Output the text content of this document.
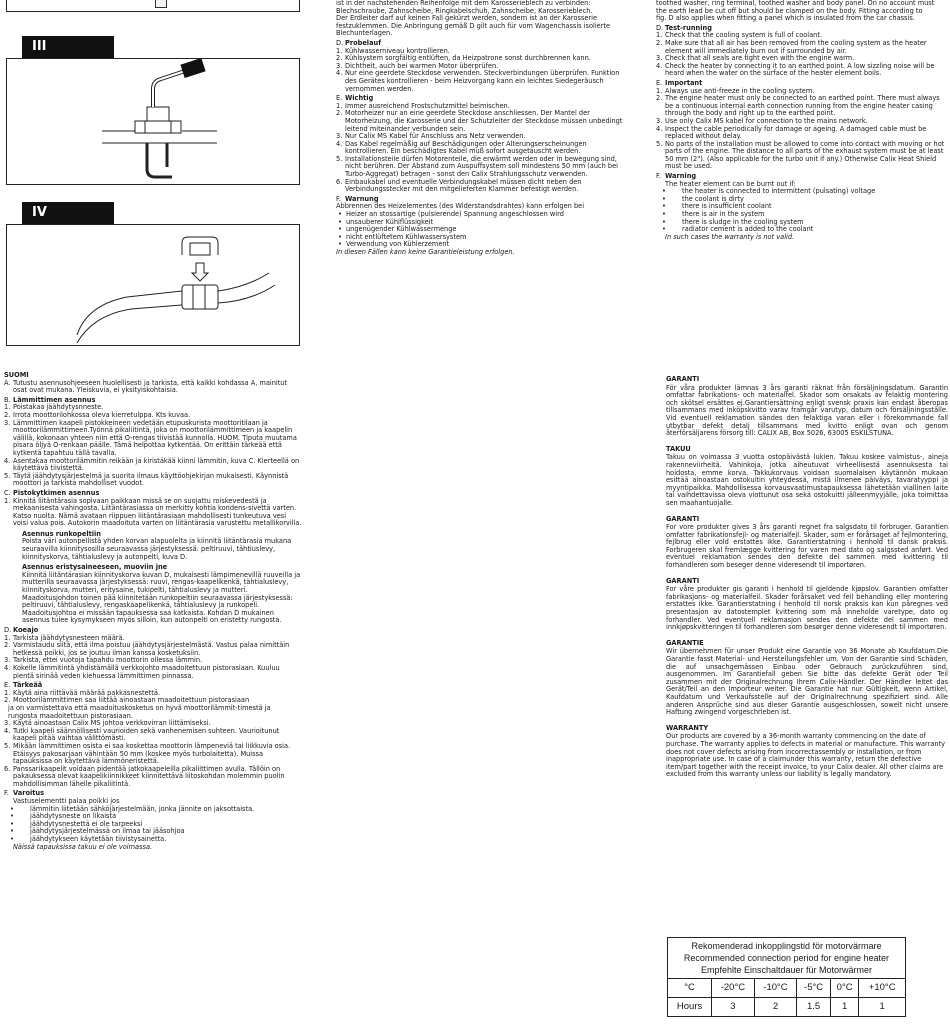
III
IV

ist in der nachstehenden Reihenfolge mit dem Karosserieblech zu verbinden:

Blechschraube, Zahnscheibe, Ringkabelschuh, Zahnscheibe, Karosserieblech.

Der Erdleiter darf auf keinen Fall gekürzt werden, sondern ist an der Karosserie

festzuklemmen. Die Anbringung gemäß D gilt auch für vom Wagenchassis isolierte

Blechunterlagen.

D. Probelauf
1. Kühlwasserniveau kontrollieren.
2. Kühlsystem sorgfältig entlüften, da Heizpatrone sonst durchbrennen kann.
3. Dichtheit, auch bei warmen Motor überprüfen.
4. Nur eine geerdete Steckdose verwenden. Steckverbindungen überprüfen. Funktion des Gerätes kontrollieren - beim Heizvorgang kann ein leichtes Siedegeräusch vernommen werden.
E. Wichtig
1. Immer ausreichend Frostschutzmittel beimischen.
2. Motorheizer nur an eine geerdete Steckdose anschliessen. Der Mantel der Motorheizung, die Karosserie und der Schutzleiter der Steckdose müssen unbedingt leitend miteinander verbunden sein.
3. Nur Calix MS Kabel für Anschluss ans Netz verwenden.
4. Das Kabel regelmäßig auf Beschädigungen oder Alterungserscheinungen kontrollieren. Ein beschädigtes Kabel muß sofort ausgetauscht werden.
5. Installationsteile dürfen Motorenteile, die erwärmt werden oder in bewegung sind, nicht berühren. Der Abstand zum Auspuffsystem soll mindestens 50 mm (auch bei Turbo-Aggregat) betragen - sonst den Calix Strahlungsschutz verwenden.
6. Einbaukabel und eventuelle Verbindungskabel müssen dicht neben den Verbindungsstecker mit den mitgelieferten Klammer befestigt werden.
F. Warnung

Abbrennen des Heizelementes (des Widerstandsdrahtes) kann erfolgen bei

• Heizer an stossartige (pulsierende) Spannung angeschlossen wird
• unsauberer Kühlflüssigkeit
• ungenügender Kühlwassermenge
• nicht entlüftetem Kühlwassersystem
• Verwendung von Kühlerzement

In diesen Fällen kann keine Garantieleistung erfolgen.

toothed washer, ring terminal, toothed washer and body panel. On no account must

the earth lead be cut off but should be clamped on the body. Fitting according to

fig. D also applies when fitting a panel which is insulated from the car chassis.

D. Test-running
1. Check that the cooling system is full of coolant.
2. Make sure that all air has been removed from the cooling system as the heater element will immediately burn out if surrounded by air.
3. Check that all seals are tight even with the engine warm.
4. Check the heater by connecting it to an earthed point. A low sizzling noise will be heard when the water on the surface of the heater element boils.
E. Important
1. Always use anti-freeze in the cooling system.
2. The engine heater must only be connected to an earthed point. There must always be a continuous internal earth connection running from the engine heater casing through the body and right up to the earthed point.
3. Use only Calix MS kabel for connection to the mains network.
4. Inspect the cable periodically for damage or ageing. A damaged cable must be replaced without delay.
5. No parts of the installation must be allowed to come into contact with moving or hot parts of the engine. The distance to all parts of the exhaust system must be at least 50 mm (2"). (Also applicable for the turbo unit if any.) Otherwise Calix Heat Shield must be used.
F. Warning

The heater element can be burnt out if:

• the heater is connected to intermittent (pulsating) voltage
• the coolant is dirty
• there is insufficient coolant
• there is air in the system
• there is sludge in the cooling system
• radiator cement is added to the coolant

In such cases the warranty is not valid.

SUOMI

A. Tutustu asennusohjeeseen huolellisesti ja tarkista, että kaikki kohdassa A, mainitut osat ovat mukana. Yleiskuvia, ei yksityiskohtaisia.
B. Lämmittimen asennus
1. Poistakaa jäähdytysnneste.
2. Irrota moottorilohkossa oleva kierretulppa. Kts kuvaa.
3. Lämmittimen kaapeli pistokkeineen vedetään etupuskurista moottoritilaan ja moottorilämmittimeen.Työnnä pikaliitintä, joka on moottorilämmittimeen ja kaapelin välillä, kokonaan yhteen niin että O-rengas tiivistää kunnolla. HUOM. Tiputa muutama pisara öljyä O-renkaan päälle. Tämä helpottaa kytkentää. On erittäin tärkeää että kytkentä tapahtuu tällä tavalla.
4. Asentakaa moottorilämmitin reikään ja kiristäkää kiinni lämmitin, kuva C. Kierteellä on käytettävä tiivistettä.
5. Täytä jäähdytysjärjestelmä ja suorita ilmaus käyttöohjekirjan mukaisesti. Käynnistä moottori ja tarkista mahdolliset vuodot.
C. Pistokytkimen asennus
1. Kinnitä liitäntärasia sopivaan paikkaan missä se on suojattu roiskevedestä ja mekaanisesta vahingosta. Liitäntärasiassa on merkitty kohtia kondens-sivettä varten. Katso nuolta. Nämä avataan riippuen liitäntärasiaan mahdollisesti tunkeutuva vesi voisi valua pois. Autokorin maadoituta varten on liitäntärasia varustettu metallikorvilla.

Asennus runkopeltiin

Poista väri autonpellistä yhden korvan alapuolelta ja kiinnitä liitäntärasia mukana seuraavilla kiinnitysosilla seuraavassa järjestyksessä: peltiruuvi, tähtiuslevy, kiinnityskorva, tähtialuslevy ja autonpelti, kuva D.

Asennus eristysaineeseen, muoviin jne

Kiinnitä liitäntärasian kiinnityskorva kuvan D, mukaisesti lämpimenevillä ruuveilla ja mutterilla seuraavassa järjestyksessä: ruuvi, rengas-kaapelikenkä, tähtialuslevy, kiinnityskorva, mutteri, eritysaine, tukipelti, tähtialuslevy ja mutteri. Maadoitusjohdon toinen pää kiinnitetään runkopeltiin seuraavassa järjestyksessä: peltiruuvi, tähtialuslevy, rengaskaapelikenkä, tähtialuslevy ja runkopeli. Maadoitusjohtoa ei missään tapauksessa saa katkaista. Kohdan D mukainen asennus tulee kysymykseen myös silloin, kun autonpelti on eristetty rungosta.

D. Koeajo
1. Tarkista jäähdytysnesteen määrä.
2. Varmistaudu siitä, että ilma poistuu jäähdytysjärjestelmästä. Vastus palaa nimittäin hetkessä poikki, jos se joutuu ilman kanssa kosketuksiin.
3. Tarkista, ettei vuotoja tapahdu moottorin ollessa lämmin.
4. Kokeile lämmitintä yhdistämällä verkkojohto maadoitettuun pistorasiaan. Kuuluu pientä sirinää veden kiehuessa lämmittimen pinnassa.
E. Tärkeää
1. Käytä aina riittävää määrää pakkasnestettä.
2. Moottorilämmittimen saa liittää ainoastaan maadoitettuun pistorasiaan

ja on varmistettava että maadoituskosketus on hyvä moottorilämmit-timestä ja rungosta maadoitettuun pistorasiaan.

3. Käytä ainoastaan Calix MS johtoa verkkovirran liittämiseksi.
4. Tutki kaapeli säännöllisesti vaurioiden sekä vanhenemisen suhteen. Vaurioitunut kaapeli pitää vaihtaa välittömästi.
5. Mikään lämmittimen osista ei saa koskettaa moottorin lämpeneviä tai liikkuvia osia. Etäisyys pakosarjaan vähintään 50 mm (koskee myös turbolaitetta). Muissa tapauksissa on käytettävä lämmöneristettä.
6. Panssarikaapelit voidaan pidentää jatkokaapeleilla pikaliittimen avulla. Tällöin on pakauksessa olevat kaapelikiinnikkeet kiinnitettävä liitoskohdan molemmin puolin mahdollisimman lähelle pikaliitintä.
F. Varoitus

Vastuselementti palaa poikki jos

• lämmitin liitetään sähköjärjestelmään, jonka jännite on jaksottaista.
• jäähdytysneste on likaista
• jäähdytysnestettä ei ole tarpeeksi
• jäähdytysjärjestelmässä on ilmaa tai jääsohjoa
• jäähdytykseen käytetään tiivistysainetta.

Näissä tapauksissa takuu ei ole voimassa.

GARANTI

För våra produkter lämnas 3 års garanti räknat från försäljningsdatum. Garantin omfattar fabrikations- och materialfel. Skador som orsakats av felaktig montering och skötsel ersättes ej.Garantiersättning enligt svensk praxis kan endast åberopas tillsammans med inköpskvitto varav framgår varutyp, datum och försäljningsställe. Vid eventuell reklamation sändes den felaktiga varan eller i förekommande fall utbytbar defekt detalj tillsammans med kvitto enligt ovan och genom återförsäljarens försorg till: CALIX AB, Box 5026, 63005 ESKILSTUNA.

TAKUU

Takuu on voimassa 3 vuotta ostopäivästä lukien. Takuu koskee valmistus-, aineja rakenneviirheitä. Vahinkoja, jotka aiheutuvat virheellisestä asennuksesta tai hoidosta, emme korva. Takkukorvaus voidaan suomalaisen käytännön mukaan esittää ainoastaan ostokuitin yhteydessä, mistä ilmenee päiväys, tavaratyyppi ja myyntipaikka. Mahdollisessa korvausvaatimustapauksessa lähetetään viallinen laite tai vaihdettavissa oleva viottunut osa sekä ostokuitti jälleenmyyjälle, joka toimittaa sen maahantuojalle.

GARANTI

For vore produkter gives 3 års garanti regnet fra salgsdato til forbruger. Garantien omfatter fabrikationsfejl- og materialfejl. Skader, som er forårsaget af fejlmontering, fejlbrug eller vold erstattes ikke. Garantierstatning i henhold til dansk praksis. Forbrugeren skal fremlægge kvittering for varen med dato og salgssted anført. Ved eventuel reklamation sendes den defekte del sammen med kvittering til forhandleren som beseger denne videresendt til importøren.

GARANTI

For våre produkter gis garanti i henhold til gjeldende kjøpslov. Garantien omfatter fabrikasjons- og materialfeil. Skader forårsaket ved feil behandling eller montering erstattes ikke. Garantierstatning i henhold til norsk praksis kan kun påregnes ved presentasjon av datostemplet kvittering som må inneholde varetype, dato og forhandler. Ved eventuell reklamasjon sendes den defekte del sammen med innkjøpskvitteringen til forhandleren som besørger denne videresendt til importøren.

GARANTIE

Wir übernehmen für unser Produkt eine Garantie von 36 Monate ab Kaufdatum.Die Garantie fasst Material- und Herstellungsfehler um. Von der Garantie sind Schäden, die auf unsachgemässen Einbau oder Gebrauch zurückzuführen sind, ausgenommen. Im Garantiefall geben Sie bitte das defekte Gerät oder Teil zusammen mit der Originalrechnung Ihrem Calix-Händler. Der Händler leitet das Gerät/Teil an den Importeur weiter. Die Garantie hat nur Gültigkeit, wenn Artikel, Kaufdatum und Verkaufsstelle auf der Originalrechnung spezifiziert sind. Alle anderen Ansprüche sind aus dieser Garantie ausgeschlossen, soweit nicht unsere Haftung zwingend vorgeschrieben ist.

WARRANTY

Our products are covered by a 36-month warranty commencing on the date of purchase. The warranty applies to defects in material or manufacture. This warranty does not cover defects arising from incorrectassembly or installation, or from inappropriate use. In case of a claimunder this warranty, return the defective item/part together with the receipt invoice, to your Calix dealer. All other claims are excluded from this warranty unless our liability is legally mandatory.

Rekomenderad inkopplingstid för motorvärmare
Recommended connection period for engine heater
Empfehlte Einschaltdauer für Motorwärmer					

°C	-20°C	-10°C	-5°C	0°C	+10°C
Hours	3	2	1.5	1	1
